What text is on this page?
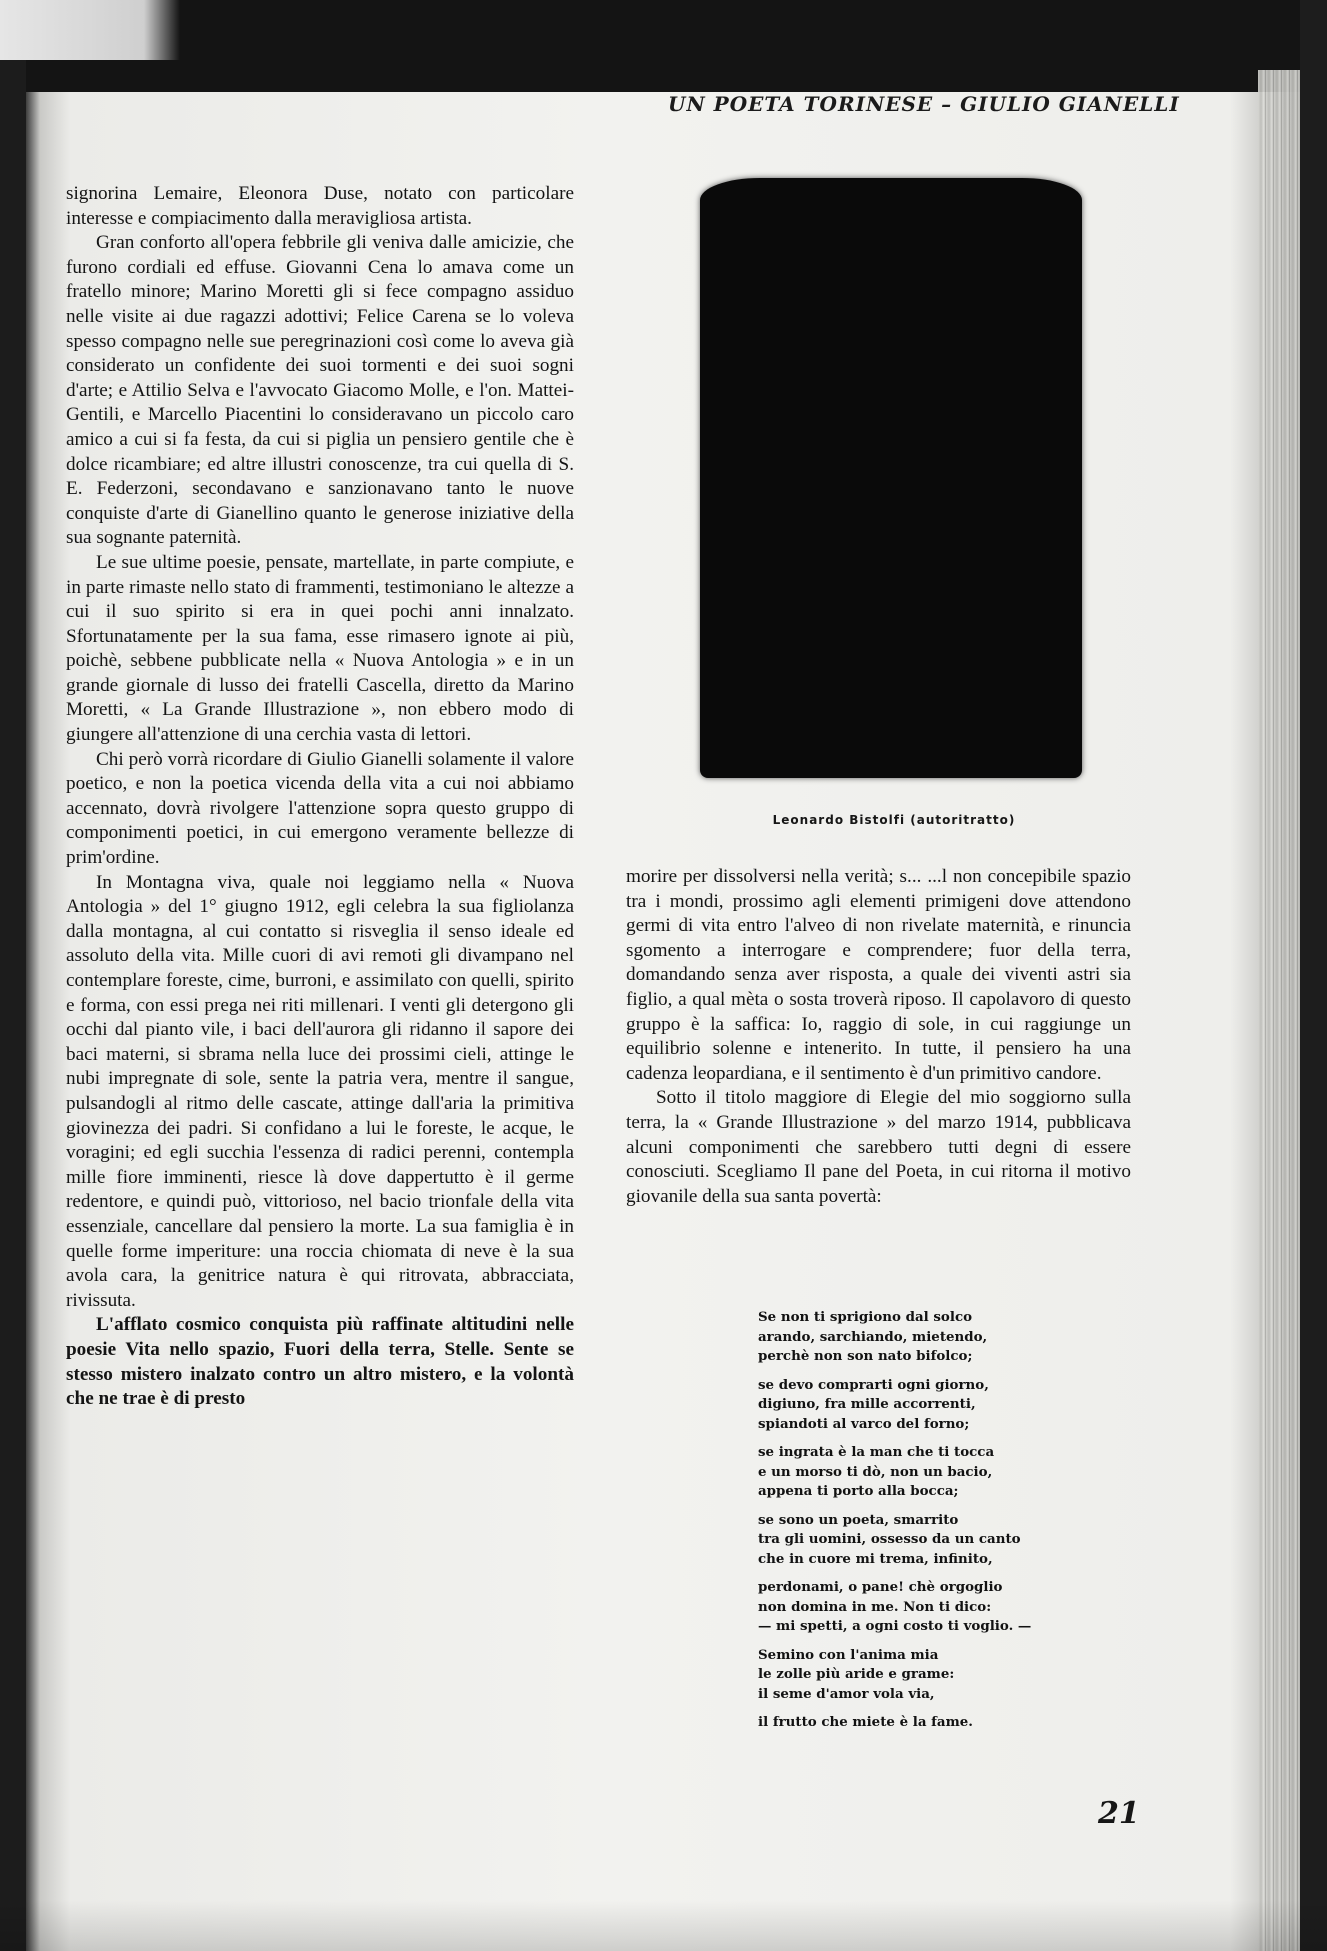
UN POETA TORINESE – GIULIO GIANELLI

signorina Lemaire, Eleonora Duse, notato con particolare interesse e compiacimento dalla meravigliosa artista.

Gran conforto all'opera febbrile gli veniva dalle amicizie, che furono cordiali ed effuse. Giovanni Cena lo amava come un fratello minore; Marino Moretti gli si fece compagno assiduo nelle visite ai due ragazzi adottivi; Felice Carena se lo voleva spesso compagno nelle sue peregrinazioni così come lo aveva già considerato un confidente dei suoi tormenti e dei suoi sogni d'arte; e Attilio Selva e l'avvocato Giacomo Molle, e l'on. Mattei-Gentili, e Marcello Piacentini lo consideravano un piccolo caro amico a cui si fa festa, da cui si piglia un pensiero gentile che è dolce ricambiare; ed altre illustri conoscenze, tra cui quella di S. E. Federzoni, secondavano e sanzionavano tanto le nuove conquiste d'arte di Gianellino quanto le generose iniziative della sua sognante paternità.

Le sue ultime poesie, pensate, martellate, in parte compiute, e in parte rimaste nello stato di frammenti, testimoniano le altezze a cui il suo spirito si era in quei pochi anni innalzato. Sfortunatamente per la sua fama, esse rimasero ignote ai più, poichè, sebbene pubblicate nella « Nuova Antologia » e in un grande giornale di lusso dei fratelli Cascella, diretto da Marino Moretti, « La Grande Illustrazione », non ebbero modo di giungere all'attenzione di una cerchia vasta di lettori.

Chi però vorrà ricordare di Giulio Gianelli solamente il valore poetico, e non la poetica vicenda della vita a cui noi abbiamo accennato, dovrà rivolgere l'attenzione sopra questo gruppo di componimenti poetici, in cui emergono veramente bellezze di prim'ordine.

In Montagna viva, quale noi leggiamo nella « Nuova Antologia » del 1° giugno 1912, egli celebra la sua figliolanza dalla montagna, al cui contatto si risveglia il senso ideale ed assoluto della vita. Mille cuori di avi remoti gli divampano nel contemplare foreste, cime, burroni, e assimilato con quelli, spirito e forma, con essi prega nei riti millenari. I venti gli detergono gli occhi dal pianto vile, i baci dell'aurora gli ridanno il sapore dei baci materni, si sbrama nella luce dei prossimi cieli, attinge le nubi impregnate di sole, sente la patria vera, mentre il sangue, pulsandogli al ritmo delle cascate, attinge dall'aria la primitiva giovinezza dei padri. Si confidano a lui le foreste, le acque, le voragini; ed egli succhia l'essenza di radici perenni, contempla mille fiore imminenti, riesce là dove dappertutto è il germe redentore, e quindi può, vittorioso, nel bacio trionfale della vita essenziale, cancellare dal pensiero la morte. La sua famiglia è in quelle forme imperiture: una roccia chiomata di neve è la sua avola cara, la genitrice natura è qui ritrovata, abbracciata, rivissuta.

L'afflato cosmico conquista più raffinate altitudini nelle poesie Vita nello spazio, Fuori della terra, Stelle. Sente se stesso mistero inalzato contro un altro mistero, e la volontà che ne trae è di presto

Leonardo Bistolfi (autoritratto)

morire per dissolversi nella verità; s... ...l non concepibile spazio tra i mondi, prossimo agli elementi primigeni dove attendono germi di vita entro l'alveo di non rivelate maternità, e rinuncia sgomento a interrogare e comprendere; fuor della terra, domandando senza aver risposta, a quale dei viventi astri sia figlio, a qual mèta o sosta troverà riposo. Il capolavoro di questo gruppo è la saffica: Io, raggio di sole, in cui raggiunge un equilibrio solenne e intenerito. In tutte, il pensiero ha una cadenza leopardiana, e il sentimento è d'un primitivo candore.

Sotto il titolo maggiore di Elegie del mio soggiorno sulla terra, la « Grande Illustrazione » del marzo 1914, pubblicava alcuni componimenti che sarebbero tutti degni di essere conosciuti. Scegliamo Il pane del Poeta, in cui ritorna il motivo giovanile della sua santa povertà:

Se non ti sprigiono dal solco
arando, sarchiando, mietendo,
perchè non son nato bifolco;
se devo comprarti ogni giorno,
digiuno, fra mille accorrenti,
spiandoti al varco del forno;
se ingrata è la man che ti tocca
e un morso ti dò, non un bacio,
appena ti porto alla bocca;
se sono un poeta, smarrito
tra gli uomini, ossesso da un canto
che in cuore mi trema, infinito,
perdonami, o pane! chè orgoglio
non domina in me. Non ti dico:
— mi spetti, a ogni costo ti voglio. —
Semino con l'anima mia
le zolle più aride e grame:
il seme d'amor vola via,
il frutto che miete è la fame.
21
